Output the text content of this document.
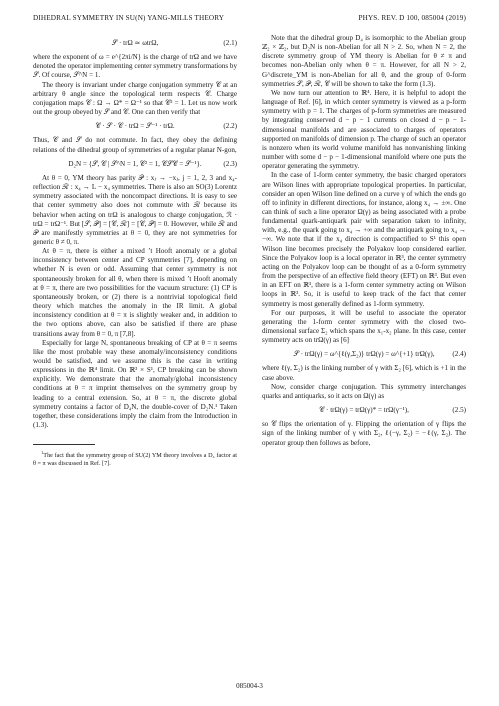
DIHEDRAL SYMMETRY IN SU(N) YANG-MILLS THEORY	PHYS. REV. D 100, 085004 (2019)
𝒮 · trΩ ≃ ωtrΩ,	(2.1)

where the exponent of ω = e^{2πi/N} is the charge of trΩ and we have denoted the operator implementing center symmetry transformations by 𝒮. Of course, 𝒮^N = 1.

The theory is invariant under charge conjugation symmetry 𝒞 at an arbitrary θ angle since the topological term respects 𝒞. Charge conjugation maps 𝒞 : Ω → Ω* = Ω⁻¹ so that 𝒞² = 1. Let us now work out the group obeyed by 𝒮 and 𝒞. One can then verify that

𝒞 · 𝒮 · 𝒞 · trΩ = 𝒮⁻¹ · trΩ.	(2.2)

Thus, 𝒞 and 𝒮 do not commute. In fact, they obey the defining relations of the dihedral group of symmetries of a regular planar N-gon,

D₂N = {𝒮, 𝒞 | 𝒮^N = 1, 𝒞² = 1, 𝒞𝒮𝒞 = 𝒮⁻¹}.	(2.3)

At θ = 0, YM theory has parity 𝒫 : xⱼ → −xⱼ, j = 1, 2, 3 and x₄-reflection ℛ : x₄ → L − x₄ symmetries. There is also an SO(3) Lorentz symmetry associated with the noncompact directions. It is easy to see that center symmetry also does not commute with ℛ because its behavior when acting on trΩ is analogous to charge conjugation, ℛ · trΩ = trΩ⁻¹. But [𝒮, 𝒫] = [𝒞, ℛ] = [𝒞, 𝒫] = 0. However, while ℛ and 𝒫 are manifestly symmetries at θ = 0, they are not symmetries for generic θ ≠ 0, π.

At θ = π, there is either a mixed ’t Hooft anomaly or a global inconsistency between center and CP symmetries [7], depending on whether N is even or odd. Assuming that center symmetry is not spontaneously broken for all θ, when there is mixed ’t Hooft anomaly at θ = π, there are two possibilities for the vacuum structure: (1) CP is spontaneously broken, or (2) there is a nontrivial topological field theory which matches the anomaly in the IR limit. A global inconsistency condition at θ = π is slightly weaker and, in addition to the two options above, can also be satisfied if there are phase transitions away from θ = 0, π [7,8].

Especially for large N, spontaneous breaking of CP at θ = π seems like the most probable way these anomaly/inconsistency conditions would be satisfied, and we assume this is the case in writing expressions in the ℝ⁴ limit. On ℝ³ × S¹, CP breaking can be shown explicitly. We demonstrate that the anomaly/global inconsistency conditions at θ = π imprint themselves on the symmetry group by leading to a central extension. So, at θ = π, the discrete global symmetry contains a factor of D₄N, the double-cover of D₂N.¹ Taken together, these considerations imply the claim from the Introduction in (1.3).

$^1$The fact that the symmetry group of SU(2) YM theory involves a D₄ factor at θ = π was discussed in Ref. [7].

Note that the dihedral group D₄ is isomorphic to the Abelian group ℤ₂ × ℤ₂, but D₂N is non-Abelian for all N > 2. So, when N = 2, the discrete symmetry group of YM theory is Abelian for θ ≠ π and becomes non-Abelian only when θ = π. However, for all N > 2, G^discrete_YM is non-Abelian for all θ, and the group of 0-form symmetries 𝒮, 𝒫, ℛ, 𝒞 will be shown to take the form (1.3).

We now turn our attention to ℝ⁴. Here, it is helpful to adopt the language of Ref. [6], in which center symmetry is viewed as a p-form symmetry with p = 1. The charges of p-form symmetries are measured by integrating conserved d − p − 1 currents on closed d − p − 1-dimensional manifolds and are associated to charges of operators supported on manifolds of dimension p. The charge of such an operator is nonzero when its world volume manifold has nonvanishing linking number with some d − p − 1-dimensional manifold where one puts the operator generating the symmetry.

In the case of 1-form center symmetry, the basic charged operators are Wilson lines with appropriate topological properties. In particular, consider an open Wilson line defined on a curve γ of which the ends go off to infinity in different directions, for instance, along x₄ → ±∞. One can think of such a line operator Ω(γ) as being associated with a probe fundamental quark-antiquark pair with separation taken to infinity, with, e.g., the quark going to x₄ → +∞ and the antiquark going to x₄ → −∞. We note that if the x₄ direction is compactified to S¹ this open Wilson line becomes precisely the Polyakov loop considered earlier. Since the Polyakov loop is a local operator in ℝ³, the center symmetry acting on the Polyakov loop can be thought of as a 0-form symmetry from the perspective of an effective field theory (EFT) on ℝ³. But even in an EFT on ℝ³, there is a 1-form center symmetry acting on Wilson loops in ℝ³. So, it is useful to keep track of the fact that center symmetry is most generally defined as 1-form symmetry.

For our purposes, it will be useful to associate the operator generating the 1-form center symmetry with the closed two-dimensional surface Σ₂ which spans the x₁-x₂ plane. In this case, center symmetry acts on trΩ(γ) as [6]

𝒮 · trΩ(γ) = ω^{ℓ(γ,Σ₂)} trΩ(γ) = ω^{+1} trΩ(γ),	(2.4)

where ℓ(γ, Σ₂) is the linking number of γ with Σ₂ [6], which is +1 in the case above.

Now, consider charge conjugation. This symmetry interchanges quarks and antiquarks, so it acts on Ω(γ) as

𝒞 · trΩ(γ) = trΩ(γ)* = trΩ(γ⁻¹),	(2.5)

so 𝒞 flips the orientation of γ. Flipping the orientation of γ flips the sign of the linking number of γ with Σ₂, ℓ(−γ, Σ₂) = −ℓ(γ, Σ₂). The operator group then follows as before,

085004-3
